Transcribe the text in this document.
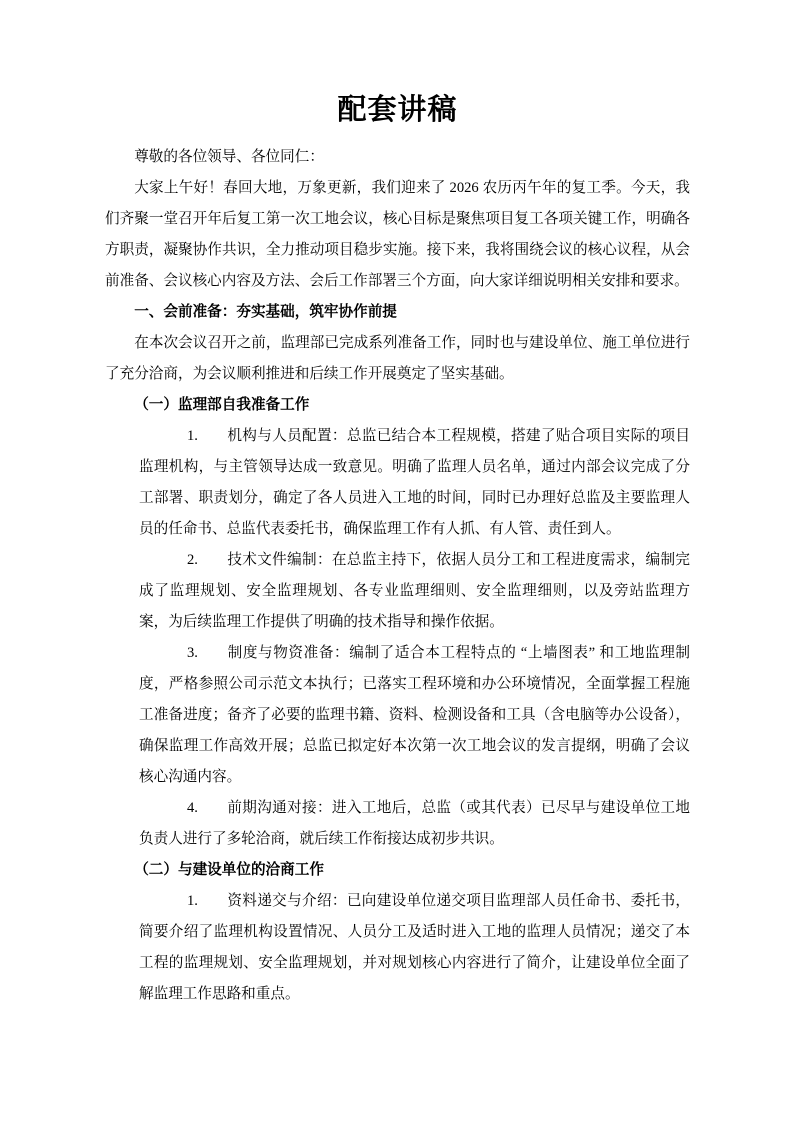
配套讲稿

尊敬的各位领导、各位同仁：

大家上午好！春回大地，万象更新，我们迎来了 2026 农历丙午年的复工季。今天，我们齐聚一堂召开年后复工第一次工地会议，核心目标是聚焦项目复工各项关键工作，明确各方职责，凝聚协作共识，全力推动项目稳步实施。接下来，我将围绕会议的核心议程，从会前准备、会议核心内容及方法、会后工作部署三个方面，向大家详细说明相关安排和要求。

一、会前准备：夯实基础，筑牢协作前提

在本次会议召开之前，监理部已完成系列准备工作，同时也与建设单位、施工单位进行了充分洽商，为会议顺利推进和后续工作开展奠定了坚实基础。

（一）监理部自我准备工作
1. 机构与人员配置：总监已结合本工程规模，搭建了贴合项目实际的项目监理机构，与主管领导达成一致意见。明确了监理人员名单，通过内部会议完成了分工部署、职责划分，确定了各人员进入工地的时间，同时已办理好总监及主要监理人员的任命书、总监代表委托书，确保监理工作有人抓、有人管、责任到人。
2. 技术文件编制：在总监主持下，依据人员分工和工程进度需求，编制完成了监理规划、安全监理规划、各专业监理细则、安全监理细则，以及旁站监理方案，为后续监理工作提供了明确的技术指导和操作依据。
3. 制度与物资准备：编制了适合本工程特点的 “上墙图表” 和工地监理制度，严格参照公司示范文本执行；已落实工程环境和办公环境情况，全面掌握工程施工准备进度；备齐了必要的监理书籍、资料、检测设备和工具（含电脑等办公设备），确保监理工作高效开展；总监已拟定好本次第一次工地会议的发言提纲，明确了会议核心沟通内容。
4. 前期沟通对接：进入工地后，总监（或其代表）已尽早与建设单位工地负责人进行了多轮洽商，就后续工作衔接达成初步共识。
（二）与建设单位的洽商工作
1. 资料递交与介绍：已向建设单位递交项目监理部人员任命书、委托书，简要介绍了监理机构设置情况、人员分工及适时进入工地的监理人员情况；递交了本工程的监理规划、安全监理规划，并对规划核心内容进行了简介，让建设单位全面了解监理工作思路和重点。
